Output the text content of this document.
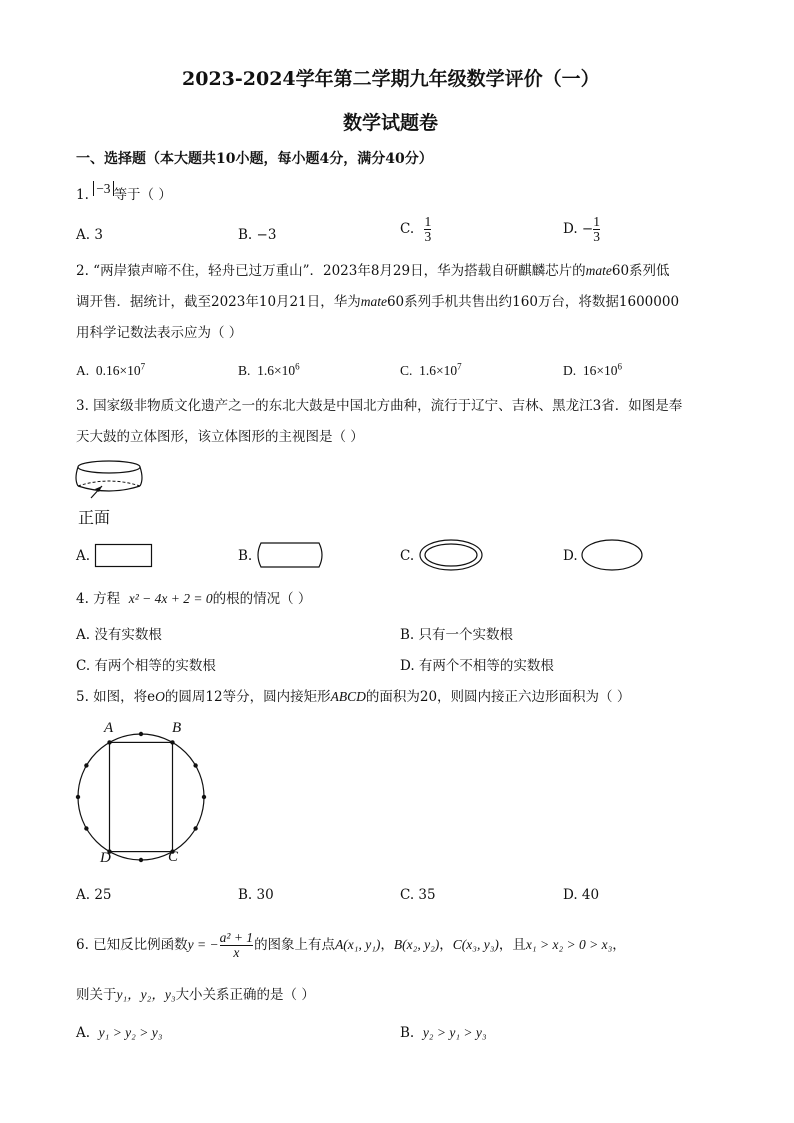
2023-2024学年第二学期九年级数学评价（一）
数学试题卷
一、选择题（本大题共10小题，每小题4分，满分40分）
1. −3 等于（ ）
A. 3	B. −3	C. $\frac{1}{3}$	D. − $\frac{1}{3}$
2. “两岸猿声啼不住，轻舟已过万重山”．2023年8月29日，华为搭载自研麒麟芯片的mate60系列低
调开售．据统计，截至2023年10月21日，华为mate60系列手机共售出约160万台，将数据1600000
用科学记数法表示应为（ ）
A. $0.16\times 10^7$	B. $1.6\times 10^6$	C. $1.6\times 10^7$	D. $16\times 10^6$
3. 国家级非物质文化遗产之一的东北大鼓是中国北方曲种，流行于辽宁、吉林、黑龙江3省．如图是奉
天大鼓的立体图形，该立体图形的主视图是（ ）
正面
A.	B.	C.	D.
4. 方程 x² − 4x + 2 = 0的根的情况（ ）
A. 没有实数根	B. 只有一个实数根
C. 有两个相等的实数根	D. 有两个不相等的实数根
5. 如图，将eO的圆周12等分，圆内接矩形ABCD的面积为20，则圆内接正六边形面积为（ ）
A	B
C
D
A. 25	B. 30	C. 35	D. 40
6. 已知反比例函数y = − $\frac{\text{a² + 1}}{x}$ 的图象上有点A(x₁, y₁)，B(x₂, y₂)，C(x₃, y₃)，且x₁ > x₂ > 0 > x₃，
则关于y₁，y₂，y₃大小关系正确的是（ ）
A. y₁ > y₂ > y₃	B. y₂ > y₁ > y₃
